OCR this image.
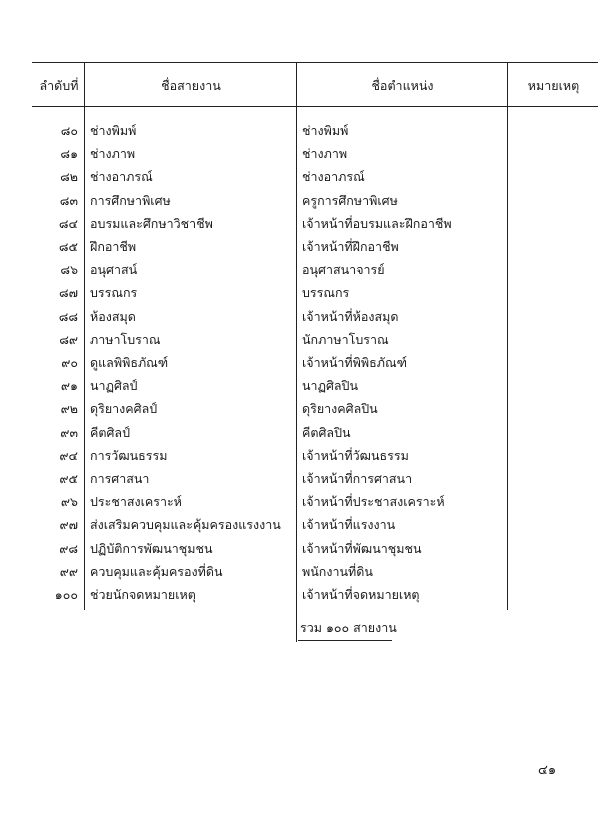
ลำดับที่	ชื่อสายงาน	ชื่อตำแหน่ง	หมายเหตุ
๘๐ ช่างพิมพ์	ช่างพิมพ์
๘๑ ช่างภาพ	ช่างภาพ
๘๒ ช่างอาภรณ์	ช่างอาภรณ์
๘๓ การศึกษาพิเศษ	ครูการศึกษาพิเศษ
๘๔ อบรมและศึกษาวิชาชีพ	เจ้าหน้าที่อบรมและฝึกอาชีพ
๘๕ ฝึกอาชีพ	เจ้าหน้าที่ฝึกอาชีพ
๘๖ อนุศาสน์	อนุศาสนาจารย์
๘๗ บรรณกร	บรรณกร
๘๘ ห้องสมุด	เจ้าหน้าที่ห้องสมุด
๘๙ ภาษาโบราณ	นักภาษาโบราณ
๙๐ ดูแลพิพิธภัณฑ์	เจ้าหน้าที่พิพิธภัณฑ์
๙๑ นาฏศิลป์	นาฏศิลปิน
๙๒ ดุริยางคศิลป์	ดุริยางคศิลปิน
๙๓ คีตศิลป์	คีตศิลปิน
๙๔ การวัฒนธรรม	เจ้าหน้าที่วัฒนธรรม
๙๕ การศาสนา	เจ้าหน้าที่การศาสนา
๙๖ ประชาสงเคราะห์	เจ้าหน้าที่ประชาสงเคราะห์
๙๗ ส่งเสริมควบคุมและคุ้มครองแรงงาน	เจ้าหน้าที่แรงงาน
๙๘ ปฏิบัติการพัฒนาชุมชน	เจ้าหน้าที่พัฒนาชุมชน
๙๙ ควบคุมและคุ้มครองที่ดิน	พนักงานที่ดิน
๑๐๐ ช่วยนักจดหมายเหตุ	เจ้าหน้าที่จดหมายเหตุ
รวม ๑๐๐ สายงาน
๔๑
